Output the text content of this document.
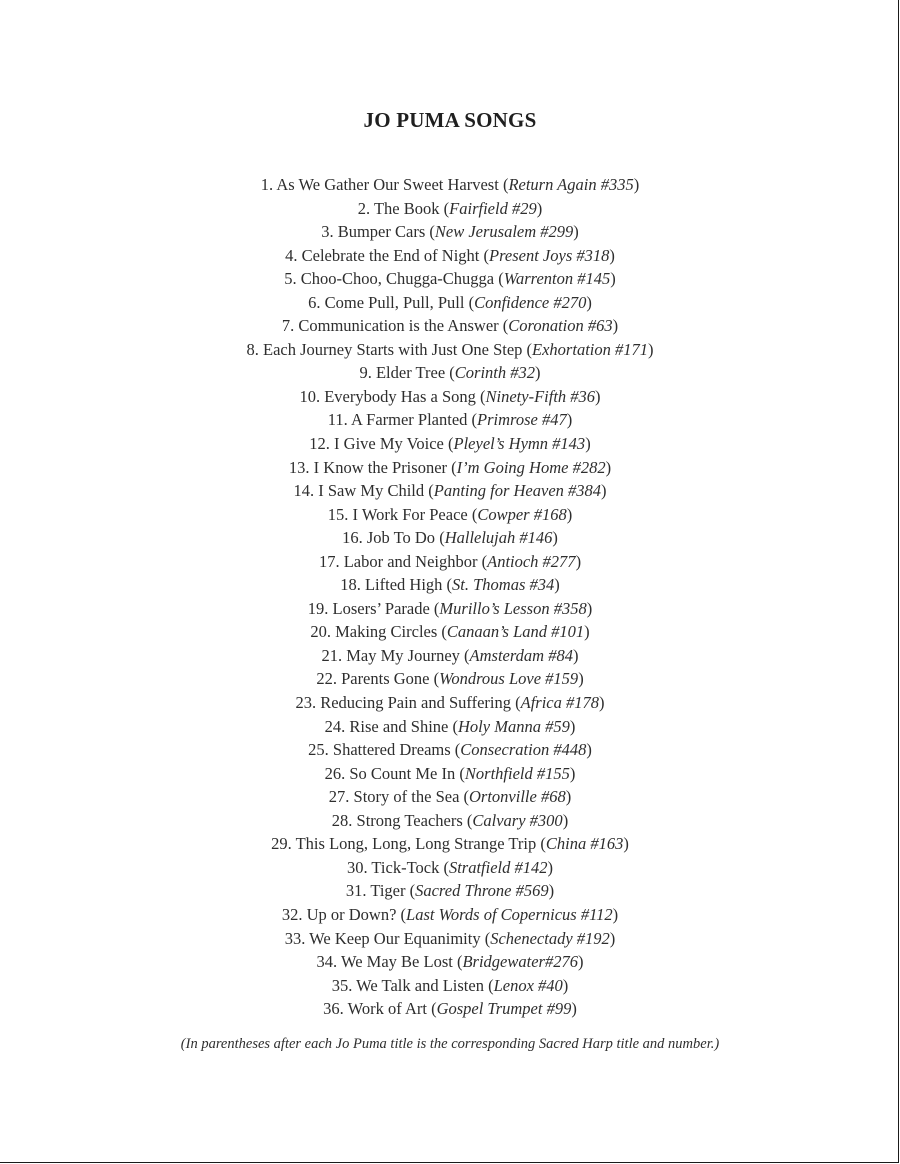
JO PUMA SONGS
1. As We Gather Our Sweet Harvest (Return Again #335)
2. The Book (Fairfield #29)
3. Bumper Cars (New Jerusalem #299)
4. Celebrate the End of Night (Present Joys #318)
5. Choo-Choo, Chugga-Chugga (Warrenton #145)
6. Come Pull, Pull, Pull (Confidence #270)
7. Communication is the Answer (Coronation #63)
8. Each Journey Starts with Just One Step (Exhortation #171)
9. Elder Tree (Corinth #32)
10. Everybody Has a Song (Ninety-Fifth #36)
11. A Farmer Planted (Primrose #47)
12. I Give My Voice (Pleyel’s Hymn #143)
13. I Know the Prisoner (I’m Going Home #282)
14. I Saw My Child (Panting for Heaven #384)
15. I Work For Peace (Cowper #168)
16. Job To Do (Hallelujah #146)
17. Labor and Neighbor (Antioch #277)
18. Lifted High (St. Thomas #34)
19. Losers’ Parade (Murillo’s Lesson #358)
20. Making Circles (Canaan’s Land #101)
21. May My Journey (Amsterdam #84)
22. Parents Gone (Wondrous Love #159)
23. Reducing Pain and Suffering (Africa #178)
24. Rise and Shine (Holy Manna #59)
25. Shattered Dreams (Consecration #448)
26. So Count Me In (Northfield #155)
27. Story of the Sea (Ortonville #68)
28. Strong Teachers (Calvary #300)
29. This Long, Long, Long Strange Trip (China #163)
30. Tick-Tock (Stratfield #142)
31. Tiger (Sacred Throne #569)
32. Up or Down? (Last Words of Copernicus #112)
33. We Keep Our Equanimity (Schenectady #192)
34. We May Be Lost (Bridgewater#276)
35. We Talk and Listen (Lenox #40)
36. Work of Art (Gospel Trumpet #99)

(In parentheses after each Jo Puma title is the corresponding Sacred Harp title and number.)
